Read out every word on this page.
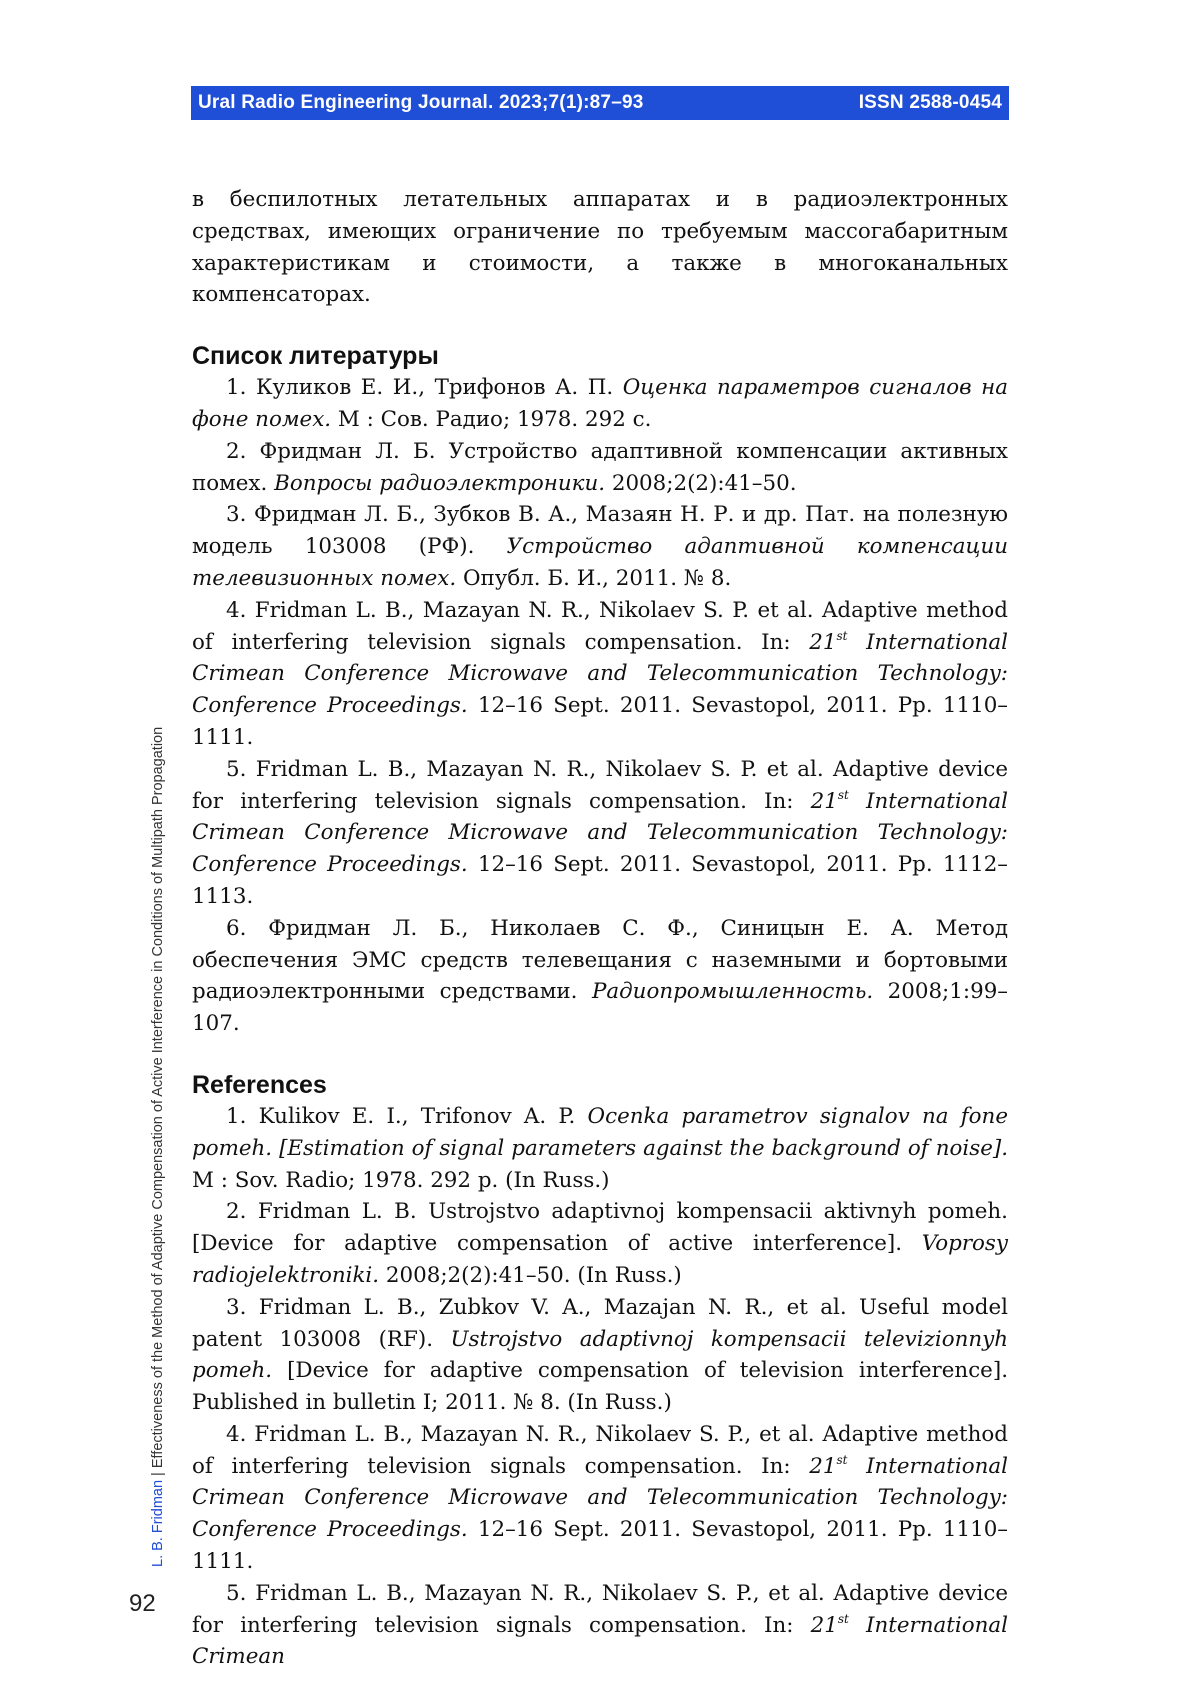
Ural Radio Engineering Journal. 2023;7(1):87–93	ISSN 2588-0454
L. B. Fridman | Effectiveness of the Method of Adaptive Compensation of Active Interference in Conditions of Multipath Propagation
92

в беспилотных летательных аппаратах и в радиоэлектронных средствах, имеющих ограничение по требуемым массогабаритным характеристикам и стоимости, а также в многоканальных компенсаторах.

Список литературы

1. Куликов Е. И., Трифонов А. П. Оценка параметров сигналов на фоне помех. М : Сов. Радио; 1978. 292 с.

2. Фридман Л. Б. Устройство адаптивной компенсации активных помех. Вопросы радиоэлектроники. 2008;2(2):41–50.

3. Фридман Л. Б., Зубков В. А., Мазаян Н. Р. и др. Пат. на полезную модель 103008 (РФ). Устройство адаптивной компенсации телевизионных помех. Опубл. Б. И., 2011. № 8.

4. Fridman L. B., Mazayan N. R., Nikolaev S. P. et al. Adaptive method of interfering television signals compensation. In: 21st International Crimean Conference Microwave and Telecommunication Technology: Conference Proceedings. 12–16 Sept. 2011. Sevastopol, 2011. Pp. 1110–1111.

5. Fridman L. B., Mazayan N. R., Nikolaev S. P. et al. Adaptive device for interfering television signals compensation. In: 21st International Crimean Conference Microwave and Telecommunication Technology: Conference Proceedings. 12–16 Sept. 2011. Sevastopol, 2011. Pp. 1112–1113.

6. Фридман Л. Б., Николаев С. Ф., Синицын Е. А. Метод обеспечения ЭМС средств телевещания с наземными и бортовыми радиоэлектронными средствами. Радиопромышленность. 2008;1:99–107.

References

1. Kulikov E. I., Trifonov A. P. Ocenka parametrov signalov na fone pomeh. [Estimation of signal parameters against the background of noise]. M : Sov. Radio; 1978. 292 p. (In Russ.)

2. Fridman L. B. Ustrojstvo adaptivnoj kompensacii aktivnyh pomeh. [Device for adaptive compensation of active interference]. Voprosy radiojelektroniki. 2008;2(2):41–50. (In Russ.)

3. Fridman L. B., Zubkov V. A., Mazajan N. R., et al. Useful model patent 103008 (RF). Ustrojstvo adaptivnoj kompensacii televizionnyh pomeh. [Device for adaptive compensation of television interference]. Published in bulletin I; 2011. № 8. (In Russ.)

4. Fridman L. B., Mazayan N. R., Nikolaev S. P., et al. Adaptive method of interfering television signals compensation. In: 21st International Crimean Conference Microwave and Telecommunication Technology: Conference Proceedings. 12–16 Sept. 2011. Sevastopol, 2011. Pp. 1110–1111.

5. Fridman L. B., Mazayan N. R., Nikolaev S. P., et al. Adaptive device for interfering television signals compensation. In: 21st International Crimean
